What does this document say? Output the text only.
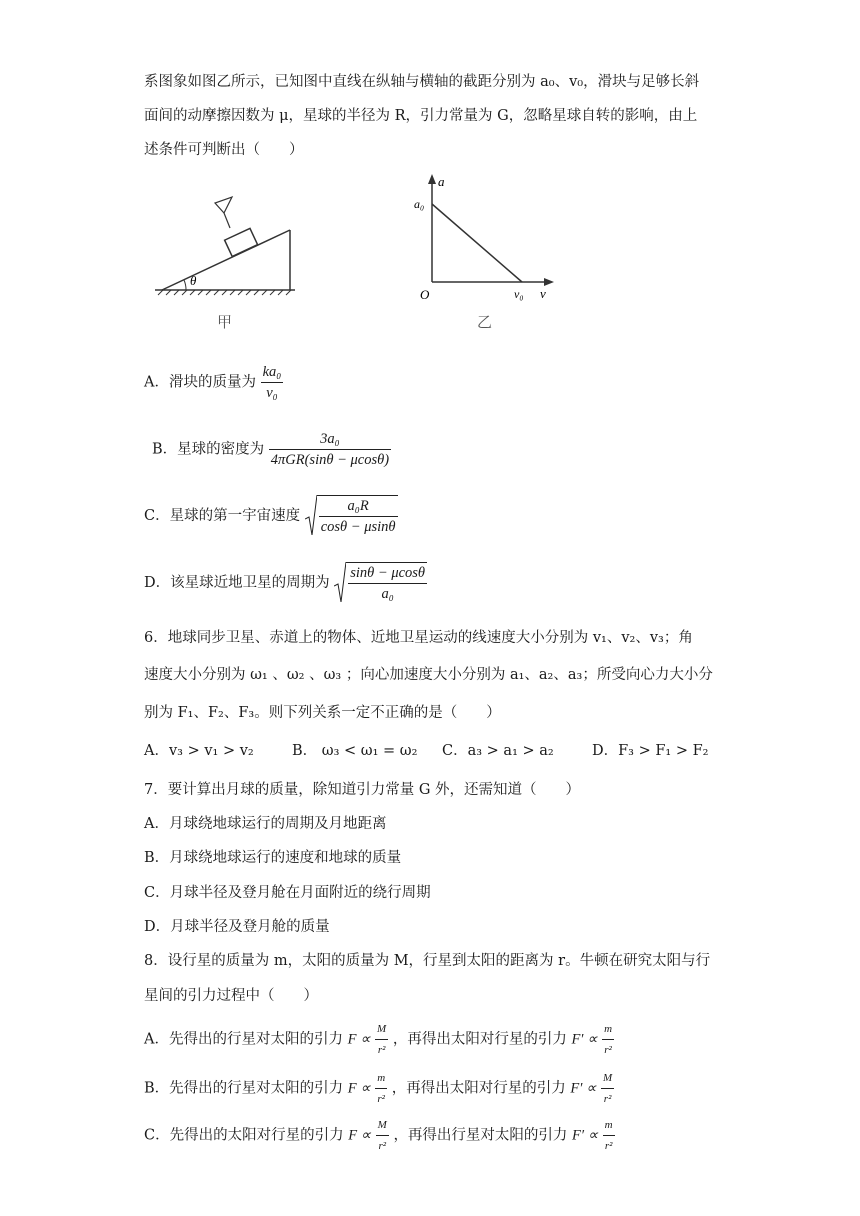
系图象如图乙所示，已知图中直线在纵轴与横轴的截距分别为 a₀、v₀，滑块与足够长斜
面间的动摩擦因数为 μ，星球的半径为 R，引力常量为 G，忽略星球自转的影响，由上
述条件可判断出（　　）
θ
甲
a
a₀
O	v₀ v
乙
A．滑块的质量为 $\frac{\text{ka₀}}{\text{v₀}}$
B．星球的密度为 $\frac{\text{3a₀}}{\text{4πGR(sinθ − μcosθ)}}$
C．星球的第一宇宙速度 $\frac{\text{a₀R}}{\cos\theta - \mu\sin\theta}$
D．该星球近地卫星的周期为 $\frac{\sin\theta - \mu\cos\theta}{\text{a₀}}$
6．地球同步卫星、赤道上的物体、近地卫星运动的线速度大小分别为 v₁、v₂、v₃；角
速度大小分别为 ω₁ 、ω₂ 、ω₃ ；向心加速度大小分别为 a₁、a₂、a₃；所受向心力大小分
别为 F₁、F₂、F₃。则下列关系一定不正确的是（　　）
A．v₃ > v₁ > v₂	B． ω₃ < ω₁ = ω₂ C．a₃ > a₁ > a₂	D．F₃ > F₁ > F₂
7．要计算出月球的质量，除知道引力常量 G 外，还需知道（　　）
A．月球绕地球运行的周期及月地距离
B．月球绕地球运行的速度和地球的质量
C．月球半径及登月舱在月面附近的绕行周期
D．月球半径及登月舱的质量
8．设行星的质量为 m，太阳的质量为 M，行星到太阳的距离为 r。牛顿在研究太阳与行
星间的引力过程中（　　）
A．先得出的行星对太阳的引力 $F \propto \frac{M}{\text{r²}}$ ，再得出太阳对行星的引力 $F' \propto \frac{m}{\text{r²}}$
B．先得出的行星对太阳的引力 $F \propto \frac{m}{\text{r²}}$ ，再得出太阳对行星的引力 $F' \propto \frac{M}{\text{r²}}$
C．先得出的太阳对行星的引力 $F \propto \frac{M}{\text{r²}}$ ，再得出行星对太阳的引力 $F' \propto \frac{m}{\text{r²}}$
